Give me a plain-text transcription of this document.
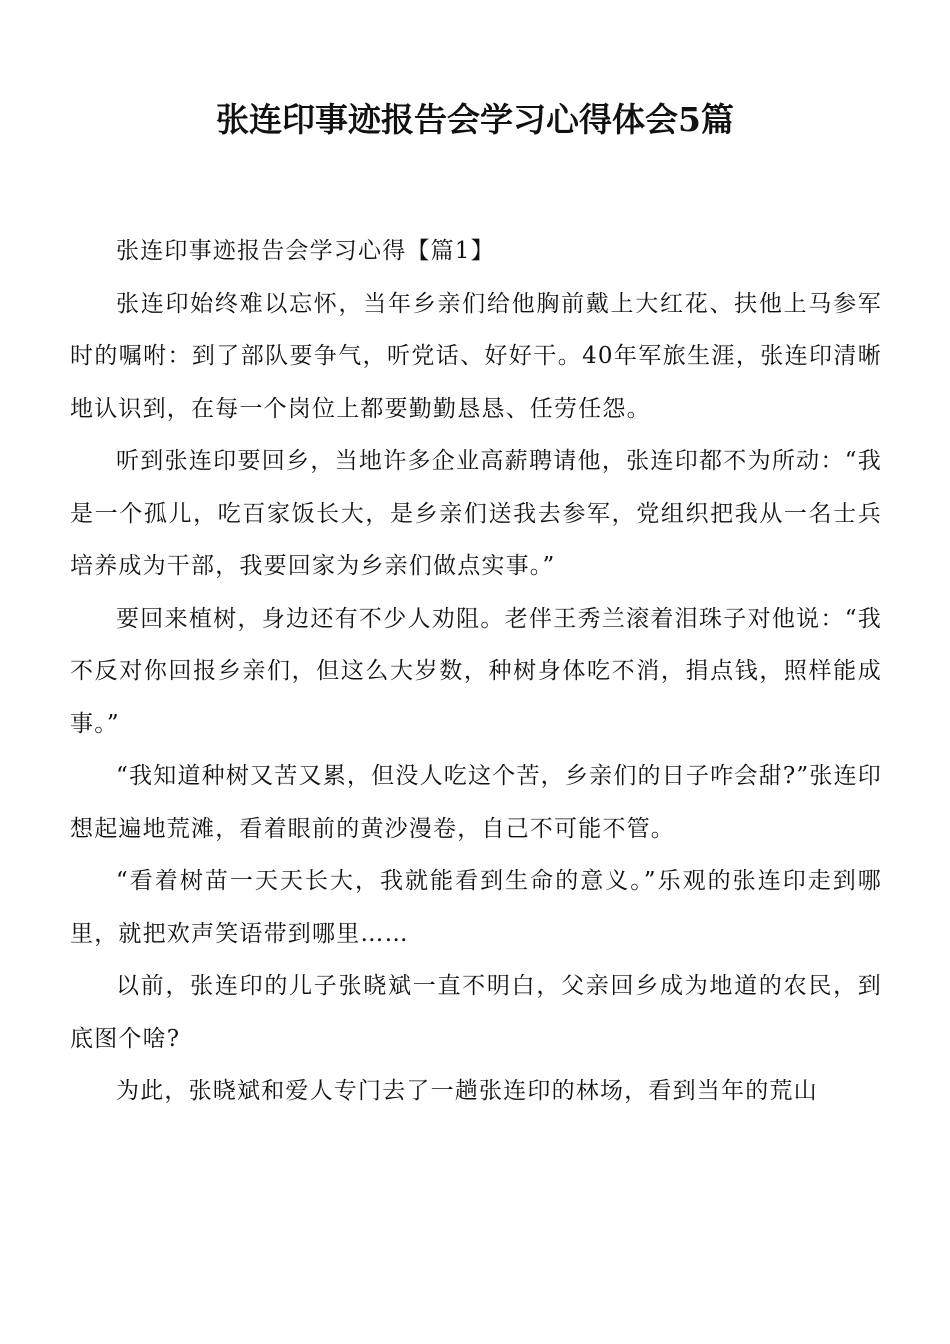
张连印事迹报告会学习心得体会5篇

张连印事迹报告会学习心得【篇1】

张连印始终难以忘怀，当年乡亲们给他胸前戴上大红花、扶他上马参军时的嘱咐：到了部队要争气，听党话、好好干。40年军旅生涯，张连印清晰地认识到，在每一个岗位上都要勤勤恳恳、任劳任怨。

听到张连印要回乡，当地许多企业高薪聘请他，张连印都不为所动：“我是一个孤儿，吃百家饭长大，是乡亲们送我去参军，党组织把我从一名士兵培养成为干部，我要回家为乡亲们做点实事。”

要回来植树，身边还有不少人劝阻。老伴王秀兰滚着泪珠子对他说：“我不反对你回报乡亲们，但这么大岁数，种树身体吃不消，捐点钱，照样能成事。”

“我知道种树又苦又累，但没人吃这个苦，乡亲们的日子咋会甜?”张连印想起遍地荒滩，看着眼前的黄沙漫卷，自己不可能不管。

“看着树苗一天天长大，我就能看到生命的意义。”乐观的张连印走到哪里，就把欢声笑语带到哪里……

以前，张连印的儿子张晓斌一直不明白，父亲回乡成为地道的农民，到底图个啥?

为此，张晓斌和爱人专门去了一趟张连印的林场，看到当年的荒山
